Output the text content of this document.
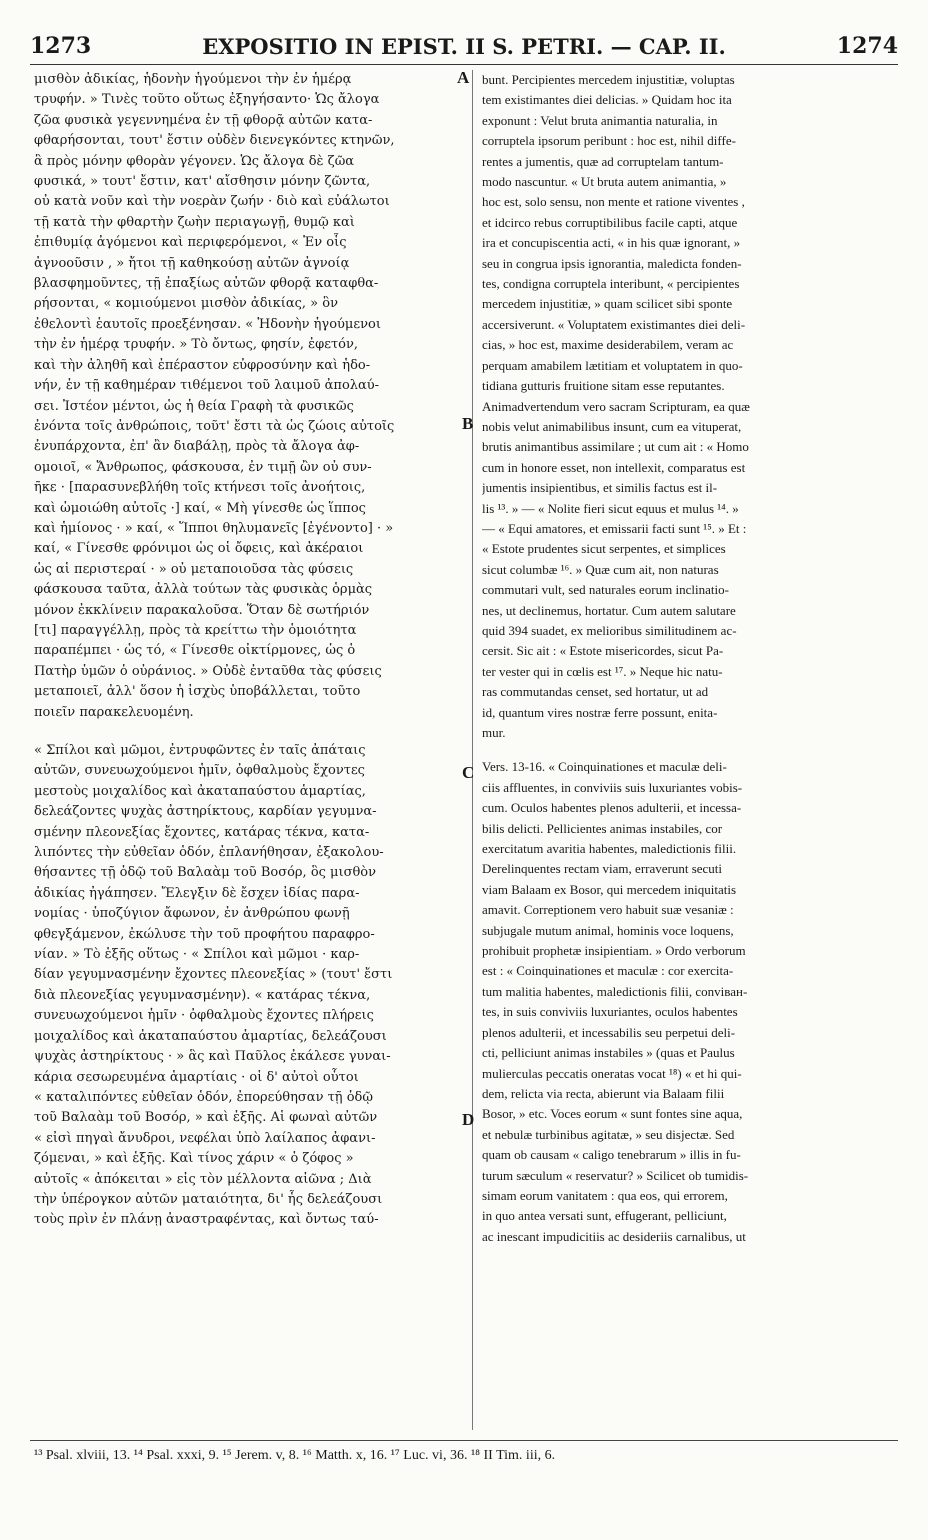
1273	EXPOSITIO IN EPIST. II S. PETRI. — CAP. II.	1274
μισθὸν ἀδικίας, ἡδονὴν ἡγούμενοι τὴν ἐν ἡμέρᾳ
τρυφήν. » Τινὲς τοῦτο οὕτως ἐξηγήσαντο· Ὡς ἄλογα
ζῶα φυσικὰ γεγεννημένα ἐν τῇ φθορᾷ αὐτῶν κατα-
φθαρήσονται, τουτ' ἔστιν οὐδὲν διενεγκόντες κτηνῶν,
ἃ πρὸς μόνην φθορὰν γέγονεν. Ὡς ἄλογα δὲ ζῶα
φυσικά, » τουτ' ἔστιν, κατ' αἴσθησιν μόνην ζῶντα,
οὐ κατὰ νοῦν καὶ τὴν νοερὰν ζωήν · διὸ καὶ εὐάλωτοι
τῇ κατὰ τὴν φθαρτὴν ζωὴν περιαγωγῇ, θυμῷ καὶ
ἐπιθυμίᾳ ἀγόμενοι καὶ περιφερόμενοι, « Ἐν οἷς
ἀγνοοῦσιν , » ἤτοι τῇ καθηκούσῃ αὐτῶν ἀγνοίᾳ
βλασφημοῦντες, τῇ ἐπαξίως αὐτῶν φθορᾷ καταφθα-
ρήσονται, « κομιούμενοι μισθὸν ἀδικίας, » ὃν
ἐθελοντὶ ἑαυτοῖς προεξένησαν. « Ἡδονὴν ἡγούμενοι
τὴν ἐν ἡμέρᾳ τρυφήν. » Τὸ ὄντως, φησίν, ἐφετόν,
καὶ τὴν ἀληθῆ καὶ ἐπέραστον εὐφροσύνην καὶ ἡδο-
νήν, ἐν τῇ καθημέραν τιθέμενοι τοῦ λαιμοῦ ἀπολαύ-
σει. Ἰστέον μέντοι, ὡς ἡ θεία Γραφὴ τὰ φυσικῶς
ἐνόντα τοῖς ἀνθρώποις, τοῦτ' ἔστι τὰ ὡς ζώοις αὐτοῖς
ἐνυπάρχοντα, ἐπ' ἂν διαβάλῃ, πρὸς τὰ ἄλογα ἀφ-
ομοιοῖ, « Ἄνθρωπος, φάσκουσα, ἐν τιμῇ ὢν οὐ συν-
ῆκε · [παρασυνεβλήθη τοῖς κτήνεσι τοῖς ἀνοήτοις,
καὶ ὡμοιώθη αὐτοῖς ·] καί, « Μὴ γίνεσθε ὡς ἵππος
καὶ ἡμίονος · » καί, « Ἵπποι θηλυμανεῖς [ἐγένοντο] · »
καί, « Γίνεσθε φρόνιμοι ὡς οἱ ὄφεις, καὶ ἀκέραιοι
ὡς αἱ περιστεραί · » οὐ μεταποιοῦσα τὰς φύσεις
φάσκουσα ταῦτα, ἀλλὰ τούτων τὰς φυσικὰς ὁρμὰς
μόνον ἐκκλίνειν παρακαλοῦσα. Ὅταν δὲ σωτήριόν
[τι] παραγγέλλῃ, πρὸς τὰ κρείττω τὴν ὁμοιότητα
παραπέμπει · ὡς τό, « Γίνεσθε οἰκτίρμονες, ὡς ὁ
Πατὴρ ὑμῶν ὁ οὐράνιος. » Οὐδὲ ἐνταῦθα τὰς φύσεις
μεταποιεῖ, ἀλλ' ὅσον ἡ ἰσχὺς ὑποβάλλεται, τοῦτο
ποιεῖν παρακελευομένη.
« Σπίλοι καὶ μῶμοι, ἐντρυφῶντες ἐν ταῖς ἀπάταις
αὐτῶν, συνευωχούμενοι ἡμῖν, ὀφθαλμοὺς ἔχοντες
μεστοὺς μοιχαλίδος καὶ ἀκαταπαύστου ἁμαρτίας,
δελεάζοντες ψυχὰς ἀστηρίκτους, καρδίαν γεγυμνα-
σμένην πλεονεξίας ἔχοντες, κατάρας τέκνα, κατα-
λιπόντες τὴν εὐθεῖαν ὁδόν, ἐπλανήθησαν, ἐξακολου-
θήσαντες τῇ ὁδῷ τοῦ Βαλαὰμ τοῦ Βοσόρ, ὃς μισθὸν
ἀδικίας ἠγάπησεν. Ἔλεγξιν δὲ ἔσχεν ἰδίας παρα-
νομίας · ὑποζύγιον ἄφωνον, ἐν ἀνθρώπου φωνῇ
φθεγξάμενον, ἐκώλυσε τὴν τοῦ προφήτου παραφρο-
νίαν. » Τὸ ἑξῆς οὕτως · « Σπίλοι καὶ μῶμοι · καρ-
δίαν γεγυμνασμένην ἔχοντες πλεονεξίας » (τουτ' ἔστι
διὰ πλεονεξίας γεγυμνασμένην). « κατάρας τέκνα,
συνευωχούμενοι ἡμῖν · ὀφθαλμοὺς ἔχοντες πλήρεις
μοιχαλίδος καὶ ἀκαταπαύστου ἁμαρτίας, δελεάζουσι
ψυχὰς ἀστηρίκτους · » ἃς καὶ Παῦλος ἐκάλεσε γυναι-
κάρια σεσωρευμένα ἁμαρτίαις · οἱ δ' αὐτοὶ οὗτοι
« καταλιπόντες εὐθεῖαν ὁδόν, ἐπορεύθησαν τῇ ὁδῷ
τοῦ Βαλαὰμ τοῦ Βοσόρ, » καὶ ἑξῆς. Αἱ φωναὶ αὐτῶν
« εἰσὶ πηγαὶ ἄνυδροι, νεφέλαι ὑπὸ λαίλαπος ἀφανι-
ζόμεναι, » καὶ ἑξῆς. Καὶ τίνος χάριν « ὁ ζόφος »
αὐτοῖς « ἀπόκειται » εἰς τὸν μέλλοντα αἰῶνα ; Διὰ
τὴν ὑπέρογκον αὐτῶν ματαιότητα, δι' ἧς δελεάζουσι
τοὺς πρὶν ἐν πλάνῃ ἀναστραφέντας, καὶ ὄντως ταύ-
bunt. Percipientes mercedem injustitiæ, voluptas
tem existimantes diei delicias. » Quidam hoc ita
exponunt : Velut bruta animantia naturalia, in
corruptela ipsorum peribunt : hoc est, nihil diffe-
rentes a jumentis, quæ ad corruptelam tantum-
modo nascuntur. « Ut bruta autem animantia, »
hoc est, solo sensu, non mente et ratione viventes ,
et idcirco rebus corruptibilibus facile capti, atque
ira et concupiscentia acti, « in his quæ ignorant, »
seu in congrua ipsis ignorantia, maledicta fonden-
tes, condigna corruptela interibunt, « percipientes
mercedem injustitiæ, » quam scilicet sibi sponte
accersiverunt. « Voluptatem existimantes diei deli-
cias, » hoc est, maxime desiderabilem, veram ac
perquam amabilem lætitiam et voluptatem in quo-
tidiana gutturis fruitione sitam esse reputantes.
Animadvertendum vero sacram Scripturam, ea quæ
nobis velut animabilibus insunt, cum ea vituperat,
brutis animantibus assimilare ; ut cum ait : « Homo
cum in honore esset, non intellexit, comparatus est
jumentis insipientibus, et similis factus est il-
lis ¹³. » — « Nolite fieri sicut equus et mulus ¹⁴. »
— « Equi amatores, et emissarii facti sunt ¹⁵. » Et :
« Estote prudentes sicut serpentes, et simplices
sicut columbæ ¹⁶. » Quæ cum ait, non naturas
commutari vult, sed naturales eorum inclinatio-
nes, ut declinemus, hortatur. Cum autem salutare
quid 394 suadet, ex melioribus similitudinem ac-
cersit. Sic ait : « Estote misericordes, sicut Pa-
ter vester qui in cœlis est ¹⁷. » Neque hic natu-
ras commutandas censet, sed hortatur, ut ad
id, quantum vires nostræ ferre possunt, enita-
mur.
Vers. 13-16. « Coinquinationes et maculæ deli-
ciis affluentes, in conviviis suis luxuriantes vobis-
cum. Oculos habentes plenos adulterii, et incessa-
bilis delicti. Pellicientes animas instabiles, cor
exercitatum avaritia habentes, maledictionis filii.
Derelinquentes rectam viam, erraverunt secuti
viam Balaam ex Bosor, qui mercedem iniquitatis
amavit. Correptionem vero habuit suæ vesaniæ :
subjugale mutum animal, hominis voce loquens,
prohibuit prophetæ insipientiam. » Ordo verborum
est : « Coinquinationes et maculæ : cor exercita-
tum malitia habentes, maledictionis filii, conviван-
tes, in suis conviviis luxuriantes, oculos habentes
plenos adulterii, et incessabilis seu perpetui deli-
cti, pelliciunt animas instabiles » (quas et Paulus
mulierculas peccatis oneratas vocat ¹⁸) « et hi qui-
dem, relicta via recta, abierunt via Balaam filii
Bosor, » etc. Voces eorum « sunt fontes sine aqua,
et nebulæ turbinibus agitatæ, » seu disjectæ. Sed
quam ob causam « caligo tenebrarum » illis in fu-
turum sæculum « reservatur? » Scilicet ob tumidis-
simam eorum vanitatem : qua eos, qui errorem,
in quo antea versati sunt, effugerant, pelliciunt,
ac inescant impudicitiis ac desideriis carnalibus, ut
A
B
C
D
¹³ Psal. xlviii, 13. ¹⁴ Psal. xxxi, 9. ¹⁵ Jerem. v, 8. ¹⁶ Matth. x, 16. ¹⁷ Luc. vi, 36. ¹⁸ II Tim. iii, 6.
